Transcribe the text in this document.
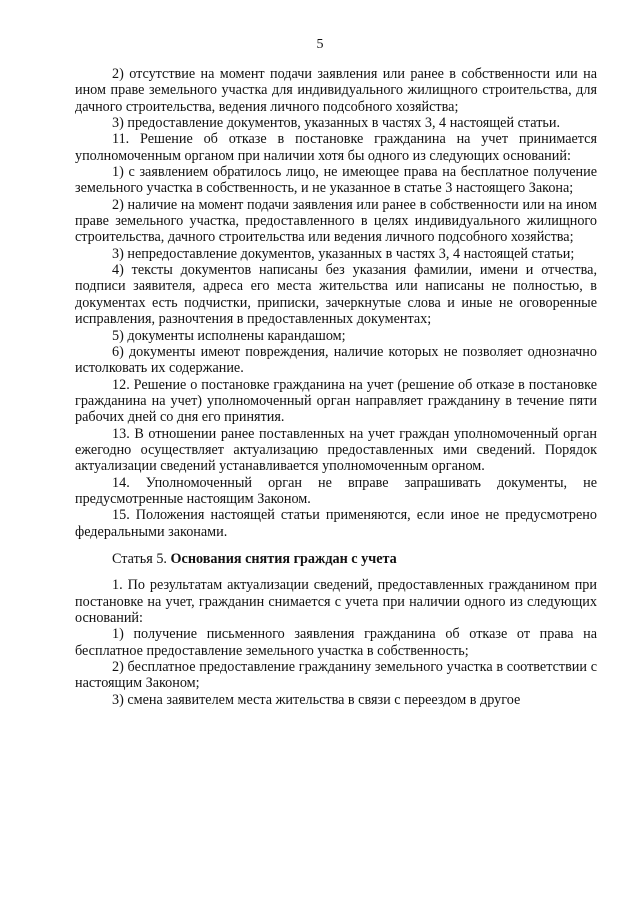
5

2) отсутствие на момент подачи заявления или ранее в собственности или на ином праве земельного участка для индивидуального жилищного строительства, для дачного строительства, ведения личного подсобного хозяйства;

3) предоставление документов, указанных в частях 3, 4 настоящей статьи.

11. Решение об отказе в постановке гражданина на учет принимается уполномоченным органом при наличии хотя бы одного из следующих оснований:

1) с заявлением обратилось лицо, не имеющее права на бесплатное получение земельного участка в собственность, и не указанное в статье 3 настоящего Закона;

2) наличие на момент подачи заявления или ранее в собственности или на ином праве земельного участка, предоставленного в целях индивидуального жилищного строительства, дачного строительства или ведения личного подсобного хозяйства;

3) непредоставление документов, указанных в частях 3, 4 настоящей статьи;

4) тексты документов написаны без указания фамилии, имени и отчества, подписи заявителя, адреса его места жительства или написаны не полностью, в документах есть подчистки, приписки, зачеркнутые слова и иные не оговоренные исправления, разночтения в предоставленных документах;

5) документы исполнены карандашом;

6) документы имеют повреждения, наличие которых не позволяет однозначно истолковать их содержание.

12. Решение о постановке гражданина на учет (решение об отказе в постановке гражданина на учет) уполномоченный орган направляет гражданину в течение пяти рабочих дней со дня его принятия.

13. В отношении ранее поставленных на учет граждан уполномоченный орган ежегодно осуществляет актуализацию предоставленных ими сведений. Порядок актуализации сведений устанавливается уполномоченным органом.

14. Уполномоченный орган не вправе запрашивать документы, не предусмотренные настоящим Законом.

15. Положения настоящей статьи применяются, если иное не предусмотрено федеральными законами.

Статья 5. Основания снятия граждан с учета

1. По результатам актуализации сведений, предоставленных гражданином при постановке на учет, гражданин снимается с учета при наличии одного из следующих оснований:

1) получение письменного заявления гражданина об отказе от права на бесплатное предоставление земельного участка в собственность;

2) бесплатное предоставление гражданину земельного участка в соответствии с настоящим Законом;

3) смена заявителем места жительства в связи с переездом в другое
